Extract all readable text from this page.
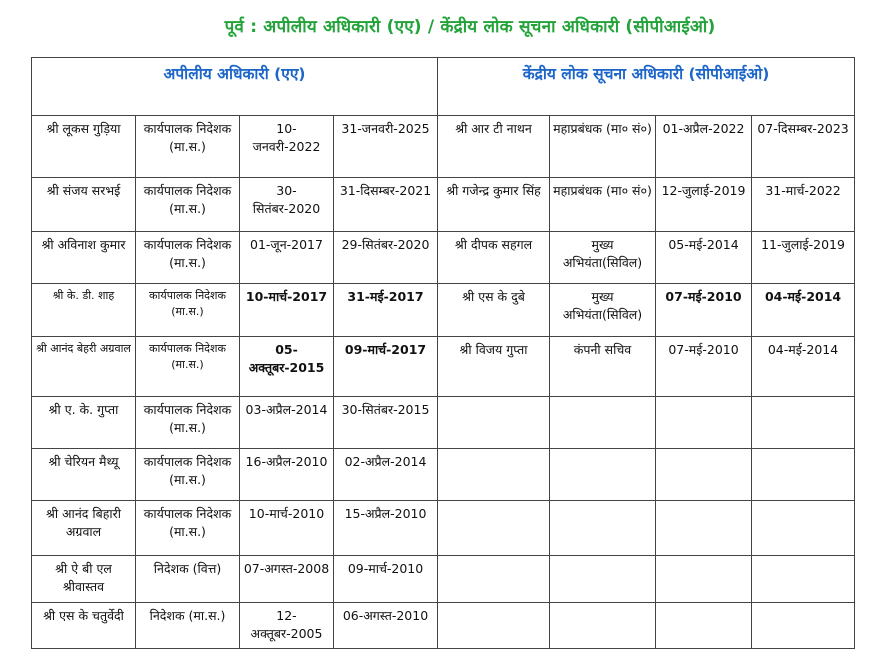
पूर्व : अपीलीय अधिकारी (एए) / केंद्रीय लोक सूचना अधिकारी (सीपीआईओ)
अपीलीय अधिकारी (एए)				केंद्रीय लोक सूचना अधिकारी (सीपीआईओ)			
श्री लूकस गुड़िया	कार्यपालक निदेशक (मा.स.)	10-जनवरी-2022	31-जनवरी-2025	श्री आर टी नाथन	महाप्रबंधक (मा० सं०)	01-अप्रैल-2022	07-दिसम्बर-2023
श्री संजय सरभई	कार्यपालक निदेशक (मा.स.)	30-सितंबर-2020	31-दिसम्बर-2021	श्री गजेन्द्र कुमार सिंह	महाप्रबंधक (मा० सं०)	12-जुलाई-2019	31-मार्च-2022
श्री अविनाश कुमार	कार्यपालक निदेशक (मा.स.)	01-जून-2017	29-सितंबर-2020	श्री दीपक सहगल	मुख्य अभियंता(सिविल)	05-मई-2014	11-जुलाई-2019
श्री के. डी. शाह	कार्यपालक निदेशक (मा.स.)	10-मार्च-2017	31-मई-2017	श्री एस के दुबे	मुख्य अभियंता(सिविल)	07-मई-2010	04-मई-2014
श्री आनंद बेहरी अग्रवाल	कार्यपालक निदेशक (मा.स.)	05-अक्तूबर-2015	09-मार्च-2017	श्री विजय गुप्ता	कंपनी सचिव	07-मई-2010	04-मई-2014
श्री ए. के. गुप्ता	कार्यपालक निदेशक (मा.स.)	03-अप्रैल-2014	30-सितंबर-2015				
श्री चेरियन मैथ्यू	कार्यपालक निदेशक (मा.स.)	16-अप्रैल-2010	02-अप्रैल-2014				
श्री आनंद बिहारी अग्रवाल	कार्यपालक निदेशक (मा.स.)	10-मार्च-2010	15-अप्रैल-2010				
श्री ऐ बी एल श्रीवास्तव	निदेशक (वित्त)	07-अगस्त-2008	09-मार्च-2010				
श्री एस के चतुर्वेदी	निदेशक (मा.स.)	12-अक्तूबर-2005	06-अगस्त-2010				
